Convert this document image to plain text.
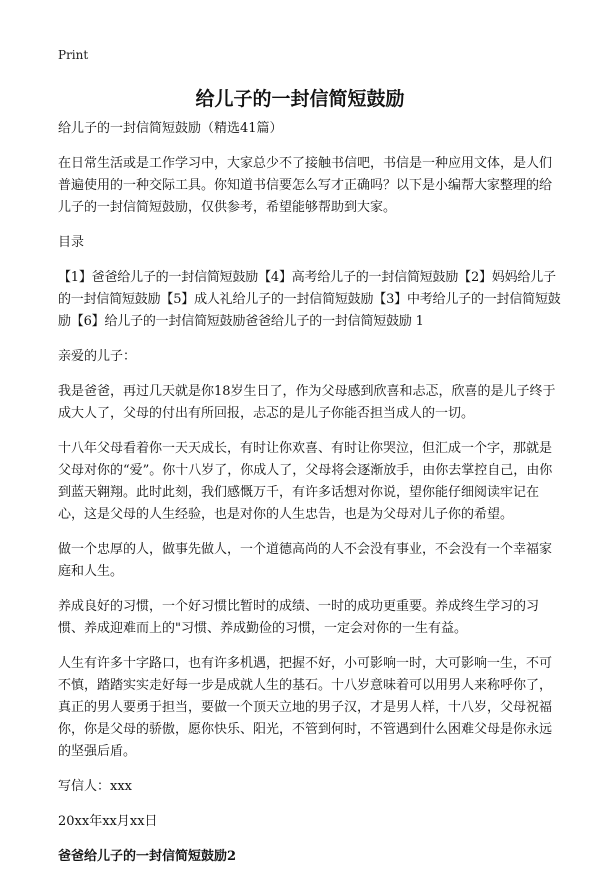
Print
给儿子的一封信简短鼓励

给儿子的一封信简短鼓励（精选41篇）

在日常生活或是工作学习中，大家总少不了接触书信吧，书信是一种应用文体，是人们普遍使用的一种交际工具。你知道书信要怎么写才正确吗？以下是小编帮大家整理的给儿子的一封信简短鼓励，仅供参考，希望能够帮助到大家。

目录

【1】爸爸给儿子的一封信简短鼓励【4】高考给儿子的一封信简短鼓励【2】妈妈给儿子的一封信简短鼓励【5】成人礼给儿子的一封信简短鼓励【3】中考给儿子的一封信简短鼓励【6】给儿子的一封信简短鼓励爸爸给儿子的一封信简短鼓励 1

亲爱的儿子：

我是爸爸，再过几天就是你18岁生日了，作为父母感到欣喜和忐忑，欣喜的是儿子终于成大人了，父母的付出有所回报，忐忑的是儿子你能否担当成人的一切。

十八年父母看着你一天天成长，有时让你欢喜、有时让你哭泣，但汇成一个字，那就是父母对你的“爱”。你十八岁了，你成人了，父母将会逐渐放手，由你去掌控自己，由你到蓝天翱翔。此时此刻，我们感慨万千，有许多话想对你说，望你能仔细阅读牢记在心，这是父母的人生经验，也是对你的人生忠告，也是为父母对儿子你的希望。

做一个忠厚的人，做事先做人，一个道德高尚的人不会没有事业，不会没有一个幸福家庭和人生。

养成良好的习惯，一个好习惯比暂时的成绩、一时的成功更重要。养成终生学习的习惯、养成迎难而上的"习惯、养成勤俭的习惯，一定会对你的一生有益。

人生有许多十字路口，也有许多机遇，把握不好，小可影响一时，大可影响一生，不可不慎，踏踏实实走好每一步是成就人生的基石。十八岁意味着可以用男人来称呼你了，真正的男人要勇于担当，要做一个顶天立地的男子汉，才是男人样，十八岁，父母祝福你，你是父母的骄傲，愿你快乐、阳光，不管到何时，不管遇到什么困难父母是你永远的坚强后盾。

写信人：xxx

20xx年xx月xx日

爸爸给儿子的一封信简短鼓励2
